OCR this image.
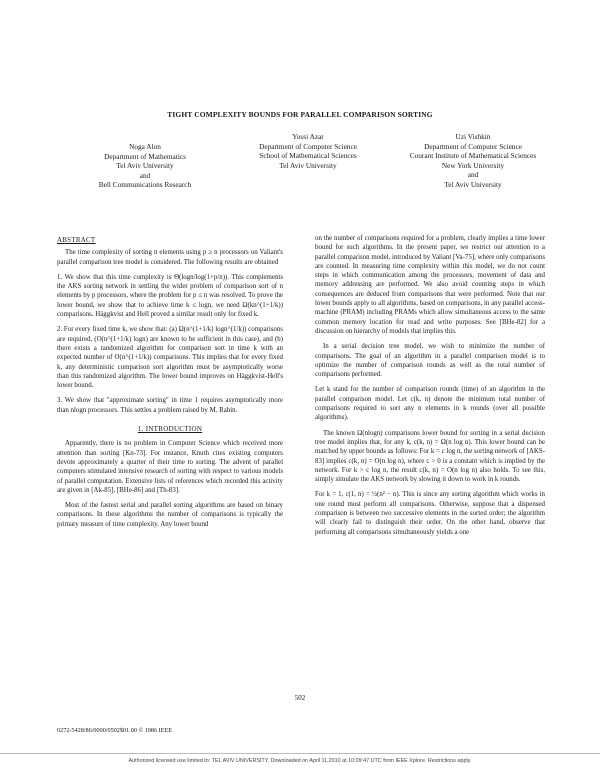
TIGHT COMPLEXITY BOUNDS FOR PARALLEL COMPARISON SORTING
Noga Alon
Department of Mathematics
Tel Aviv University
and
Bell Communications Research
Yossi Azar
Department of Computer Science
School of Mathematical Sciences
Tel Aviv University
Uzi Vishkin
Department of Computer Science
Courant Institute of Mathematical Sciences
New York University
and
Tel Aviv University
ABSTRACT

The time complexity of sorting n elements using p ≥ n processors on Valiant's parallel comparison tree model is considered. The following results are obtained

1. We show that this time complexity is Θ(logn/log(1+p/n)). This complements the AKS sorting network in settling the wider problem of comparison sort of n elements by p processors, where the problem for p ≤ n was resolved. To prove the lower bound, we show that to achieve time k ≤ logn, we need Ω(kn^(1+1/k)) comparisons. Häggkvist and Hell proved a similar result only for fixed k.

2. For every fixed time k, we show that: (a) Ω(n^(1+1/k) logn^(1/k)) comparisons are required, (O(n^(1+1/k) logn) are known to be sufficient in this case), and (b) there exists a randomized algorithm for comparison sort in time k with an expected number of O(n^(1+1/k)) comparisons. This implies that for every fixed k, any deterministic comparison sort algorithm must be asymptotically worse than this randomized algorithm. The lower bound improves on Häggkvist-Hell's lower bound.

3. We show that "approximate sorting" in time 1 requires asymptotically more than nlogn processors. This settles a problem raised by M. Rabin.

1. INTRODUCTION

Apparently, there is no problem in Computer Science which received more attention than sorting [Kn-73]. For instance, Knuth cites existing computers devote approximately a quarter of their time to sorting. The advent of parallel computers stimulated intensive research of sorting with respect to various models of parallel computation. Extensive lists of references which recorded this activity are given in [Ak-85], [BHe-86] and [Th-83].

Most of the fastest serial and parallel sorting algorithms are based on binary comparisons. In these algorithms the number of comparisons is typically the primary measure of time complexity. Any lower bound

on the number of comparisons required for a problem, clearly implies a time lower bound for such algorithms. In the present paper, we restrict our attention to a parallel comparison model, introduced by Valiant [Va-75], where only comparisons are counted. In measuring time complexity within this model, we do not count steps in which communication among the processors, movement of data and memory addressing are performed. We also avoid counting steps in which consequences are deduced from comparisons that were performed. Note that our lower bounds apply to all algorithms, based on comparisons, in any parallel access-machine (PRAM) including PRAMs which allow simultaneous access to the same common memory location for read and write purposes. See [BHe-82] for a discussion on hierarchy of models that implies this.

In a serial decision tree model, we wish to minimize the number of comparisons. The goal of an algorithm in a parallel comparison model is to optimize the number of comparison rounds as well as the total number of comparisons performed.

Let k stand for the number of comparison rounds (time) of an algorithm in the parallel comparison model. Let c(k, n) denote the minimum total number of comparisons required to sort any n elements in k rounds (over all possible algorithms).

The known Ω(nlogn) comparisons lower bound for sorting in a serial decision tree model implies that, for any k, c(k, n) = Ω(n log n). This lower bound can be matched by upper bounds as follows: For k = c log n, the sorting network of [AKS-83] implies c(k, n) = O(n log n), where c > 0 is a constant which is implied by the network. For k > c log n, the result c(k, n) = O(n log n) also holds. To see this, simply simulate the AKS network by slowing it down to work in k rounds.

For k = 1, c(1, n) = ½(n² − n). This is since any sorting algorithm which works in one round must perform all comparisons. Otherwise, suppose that a dispensed comparison is between two successive elements in the sorted order; the algorithm will clearly fail to distinguish their order. On the other hand, observe that performing all comparisons simultaneously yields a one

502
0272-5428/86/0000/0502$01.00 © 1986 IEEE
Authorized licensed use limited to: TEL AVIV UNIVERSITY. Downloaded on April 11,2010 at 10:09:47 UTC from IEEE Xplore. Restrictions apply.
